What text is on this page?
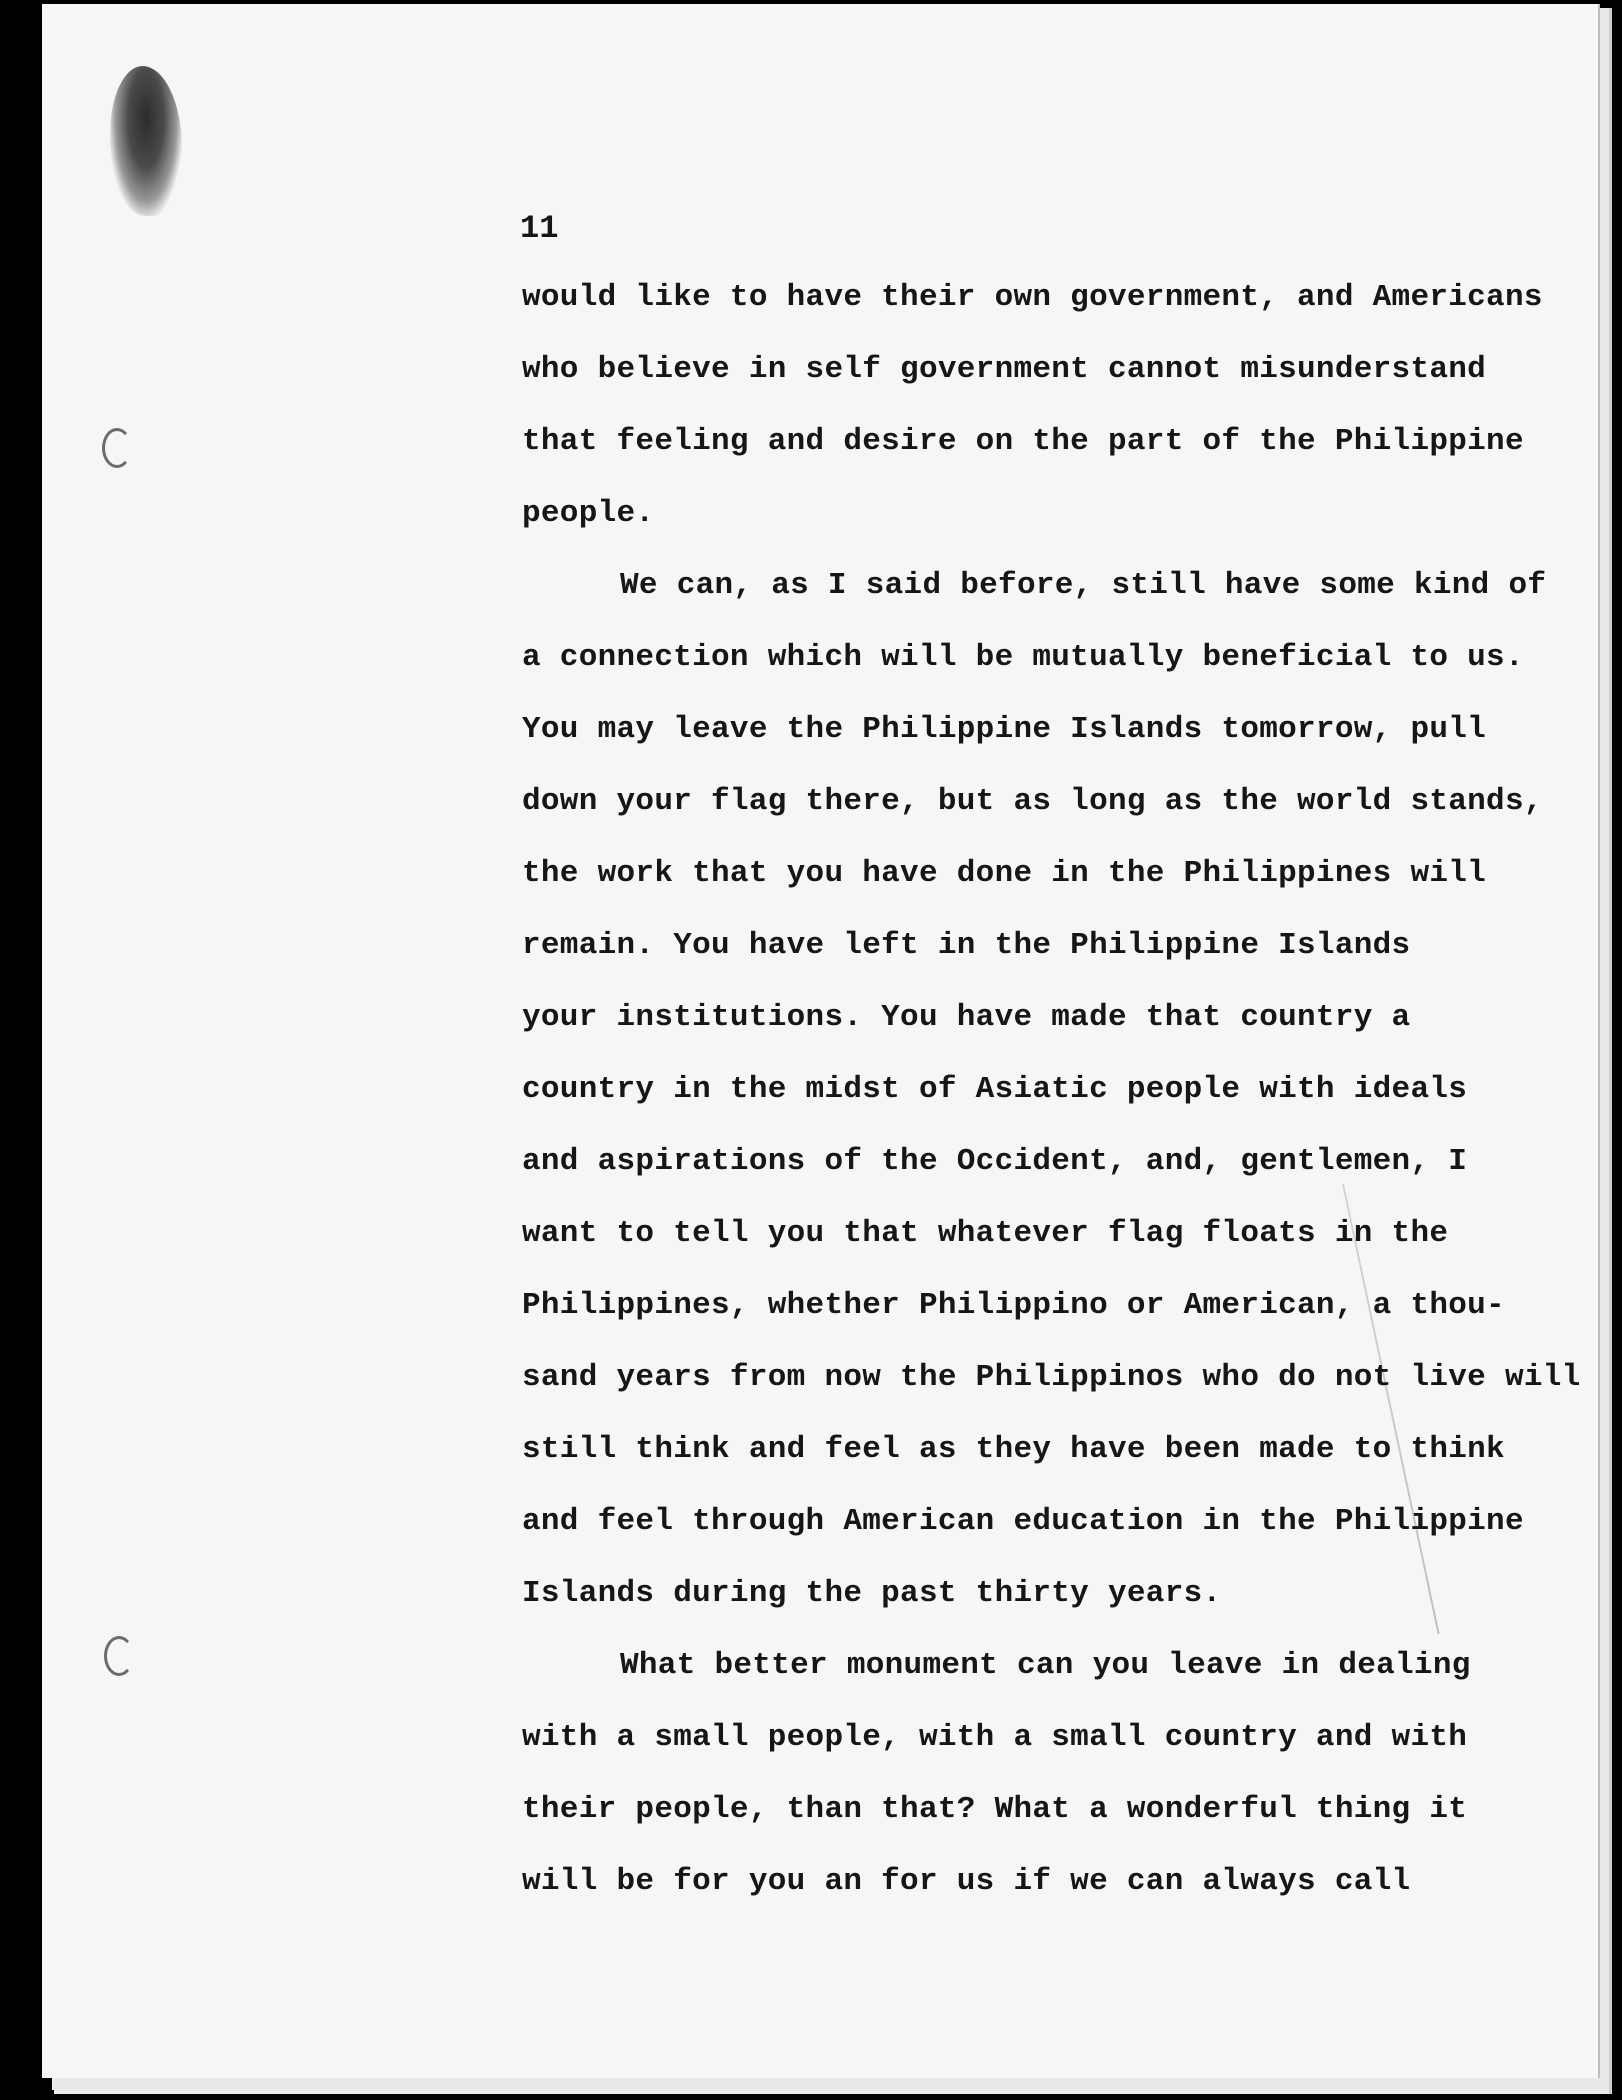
11
would like to have their own government, and Americans
who believe in self government cannot misunderstand
that feeling and desire on the part of the Philippine
people.
We can, as I said before, still have some kind of
a connection which will be mutually beneficial to us.
You may leave the Philippine Islands tomorrow, pull
down your flag there, but as long as the world stands,
the work that you have done in the Philippines will
remain. You have left in the Philippine Islands
your institutions. You have made that country a
country in the midst of Asiatic people with ideals
and aspirations of the Occident, and, gentlemen, I
want to tell you that whatever flag floats in the
Philippines, whether Philippino or American, a thou-
sand years from now the Philippinos who do not live will
still think and feel as they have been made to think
and feel through American education in the Philippine
Islands during the past thirty years.
What better monument can you leave in dealing
with a small people, with a small country and with
their people, than that? What a wonderful thing it
will be for you an for us if we can always call
